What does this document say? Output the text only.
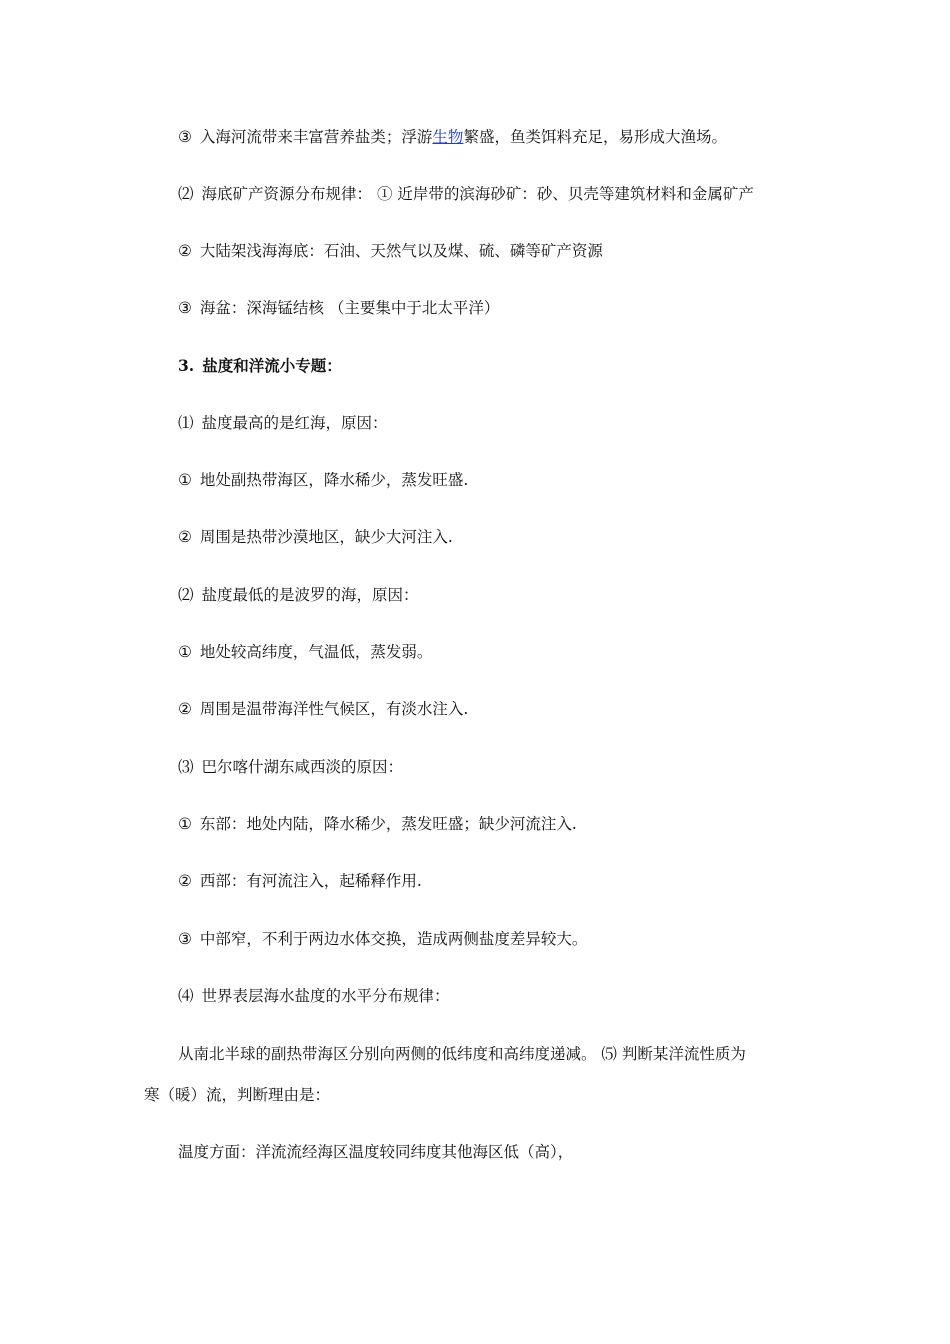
③ 入海河流带来丰富营养盐类；浮游生物繁盛，鱼类饵料充足，易形成大渔场。
⑵ 海底矿产资源分布规律： ① 近岸带的滨海砂矿：砂、贝壳等建筑材料和金属矿产
② 大陆架浅海海底：石油、天然气以及煤、硫、磷等矿产资源
③ 海盆：深海锰结核 （主要集中于北太平洋）
3. 盐度和洋流小专题：
⑴ 盐度最高的是红海，原因：
① 地处副热带海区，降水稀少，蒸发旺盛.
② 周围是热带沙漠地区，缺少大河注入.
⑵ 盐度最低的是波罗的海，原因：
① 地处较高纬度，气温低，蒸发弱。
② 周围是温带海洋性气候区，有淡水注入.
⑶ 巴尔喀什湖东咸西淡的原因：
① 东部：地处内陆，降水稀少，蒸发旺盛；缺少河流注入.
② 西部：有河流注入，起稀释作用.
③ 中部窄，不利于两边水体交换，造成两侧盐度差异较大。
⑷ 世界表层海水盐度的水平分布规律：
从南北半球的副热带海区分别向两侧的低纬度和高纬度递减。 ⑸ 判断某洋流性质为
寒（暖）流，判断理由是：
温度方面：洋流流经海区温度较同纬度其他海区低（高），
